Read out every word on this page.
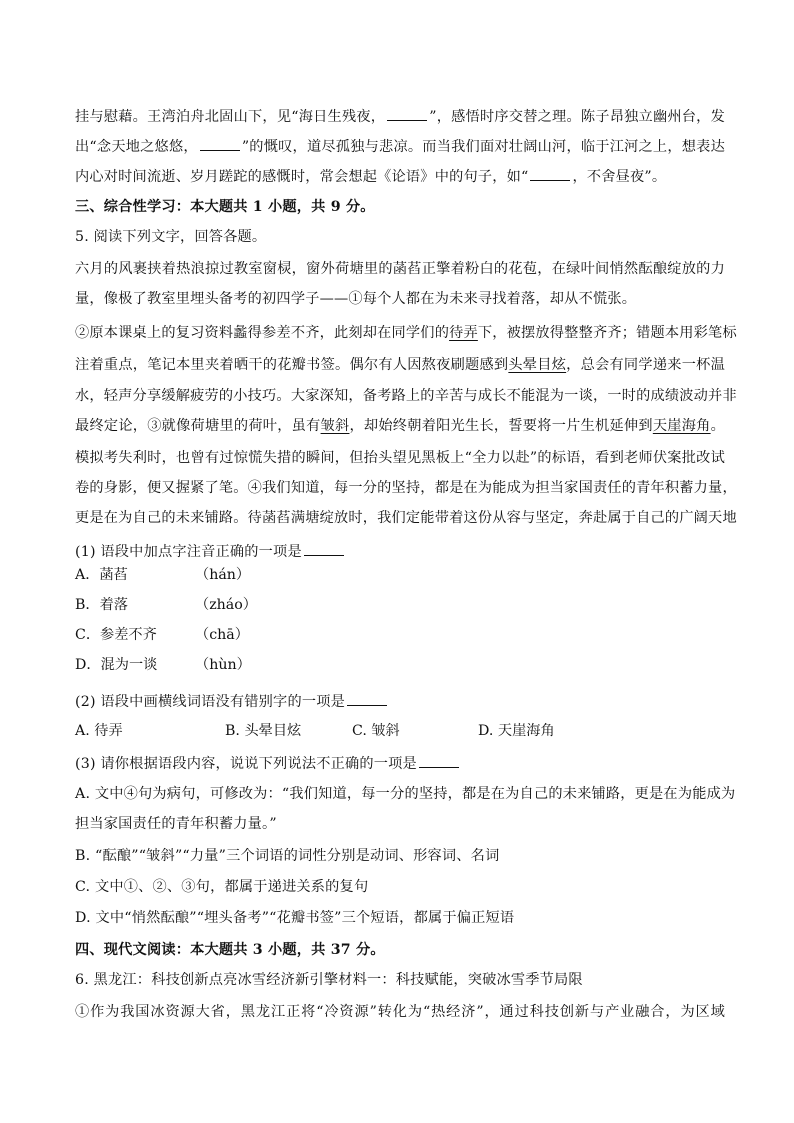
挂与慰藉。王湾泊舟北固山下，见“海日生残夜，	”，感悟时序交替之理。陈子昂独立幽州台，发
出“念天地之悠悠，	”的慨叹，道尽孤独与悲凉。而当我们面对壮阔山河，临于江河之上，想表达
内心对时间流逝、岁月蹉跎的感慨时，常会想起《论语》中的句子，如“	，不舍昼夜”。
三、综合性学习：本大题共 1 小题，共 9 分。
5. 阅读下列文字，回答各题。
六月的风裹挟着热浪掠过教室窗棂，窗外荷塘里的菡萏正擎着粉白的花苞，在绿叶间悄然酝酿绽放的力
量，像极了教室里埋头备考的初四学子——①每个人都在为未来寻找着落，却从不慌张。
②原本课桌上的复习资料蠡得参差不齐，此刻却在同学们的待弄下，被摆放得整整齐齐；错题本用彩笔标
注着重点，笔记本里夹着晒干的花瓣书签。偶尔有人因熬夜刷题感到头晕目炫，总会有同学递来一杯温
水，轻声分享缓解疲劳的小技巧。大家深知，备考路上的辛苦与成长不能混为一谈，一时的成绩波动并非
最终定论，③就像荷塘里的荷叶，虽有皱斜，却始终朝着阳光生长，誓要将一片生机延伸到天崖海角。
模拟考失利时，也曾有过惊慌失措的瞬间，但抬头望见黑板上“全力以赴”的标语，看到老师伏案批改试
卷的身影，便又握紧了笔。④我们知道，每一分的坚持，都是在为能成为担当家国责任的青年积蓄力量，
更是在为自己的未来铺路。待菡萏满塘绽放时，我们定能带着这份从容与坚定，奔赴属于自己的广阔天地
(1) 语段中加点字注音正确的一项是
A．菡萏	（hán）
B．着落	（zháo）
C．参差不齐	（chā）
D．混为一谈	（hùn）
(2) 语段中画横线词语没有错别字的一项是
A. 待弄	B. 头晕目炫	C. 皱斜	D. 天崖海角
(3) 请你根据语段内容，说说下列说法不正确的一项是
A. 文中④句为病句，可修改为：“我们知道，每一分的坚持，都是在为自己的未来铺路，更是在为能成为
担当家国责任的青年积蓄力量。”
B. “酝酿”“皱斜”“力量”三个词语的词性分别是动词、形容词、名词
C. 文中①、②、③句，都属于递进关系的复句
D. 文中“悄然酝酿”“埋头备考”“花瓣书签”三个短语，都属于偏正短语
四、现代文阅读：本大题共 3 小题，共 37 分。
6. 黑龙江：科技创新点亮冰雪经济新引擎材料一：科技赋能，突破冰雪季节局限
①作为我国冰资源大省，黑龙江正将“冷资源”转化为“热经济”，通过科技创新与产业融合，为区域
